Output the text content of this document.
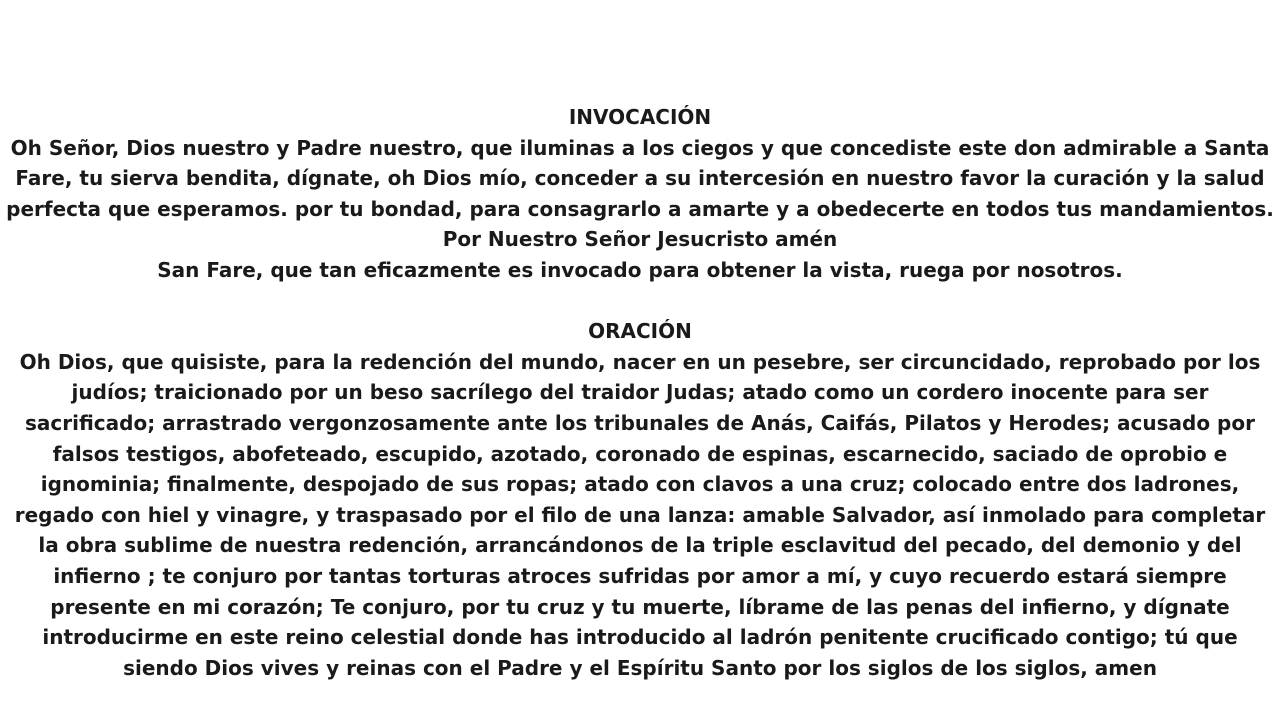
INVOCACIÓN
Oh Señor, Dios nuestro y Padre nuestro, que iluminas a los ciegos y que concediste este don admirable a Santa
Fare, tu sierva bendita, dígnate, oh Dios mío, conceder a su intercesión en nuestro favor la curación y la salud
perfecta que esperamos. por tu bondad, para consagrarlo a amarte y a obedecerte en todos tus mandamientos.
Por Nuestro Señor Jesucristo amén
San Fare, que tan eficazmente es invocado para obtener la vista, ruega por nosotros.
ORACIÓN
Oh Dios, que quisiste, para la redención del mundo, nacer en un pesebre, ser circuncidado, reprobado por los
judíos; traicionado por un beso sacrílego del traidor Judas; atado como un cordero inocente para ser
sacrificado; arrastrado vergonzosamente ante los tribunales de Anás, Caifás, Pilatos y Herodes; acusado por
falsos testigos, abofeteado, escupido, azotado, coronado de espinas, escarnecido, saciado de oprobio e
ignominia; finalmente, despojado de sus ropas; atado con clavos a una cruz; colocado entre dos ladrones,
regado con hiel y vinagre, y traspasado por el filo de una lanza: amable Salvador, así inmolado para completar
la obra sublime de nuestra redención, arrancándonos de la triple esclavitud del pecado, del demonio y del
infierno ; te conjuro por tantas torturas atroces sufridas por amor a mí, y cuyo recuerdo estará siempre
presente en mi corazón; Te conjuro, por tu cruz y tu muerte, líbrame de las penas del infierno, y dígnate
introducirme en este reino celestial donde has introducido al ladrón penitente crucificado contigo; tú que
siendo Dios vives y reinas con el Padre y el Espíritu Santo por los siglos de los siglos, amen
